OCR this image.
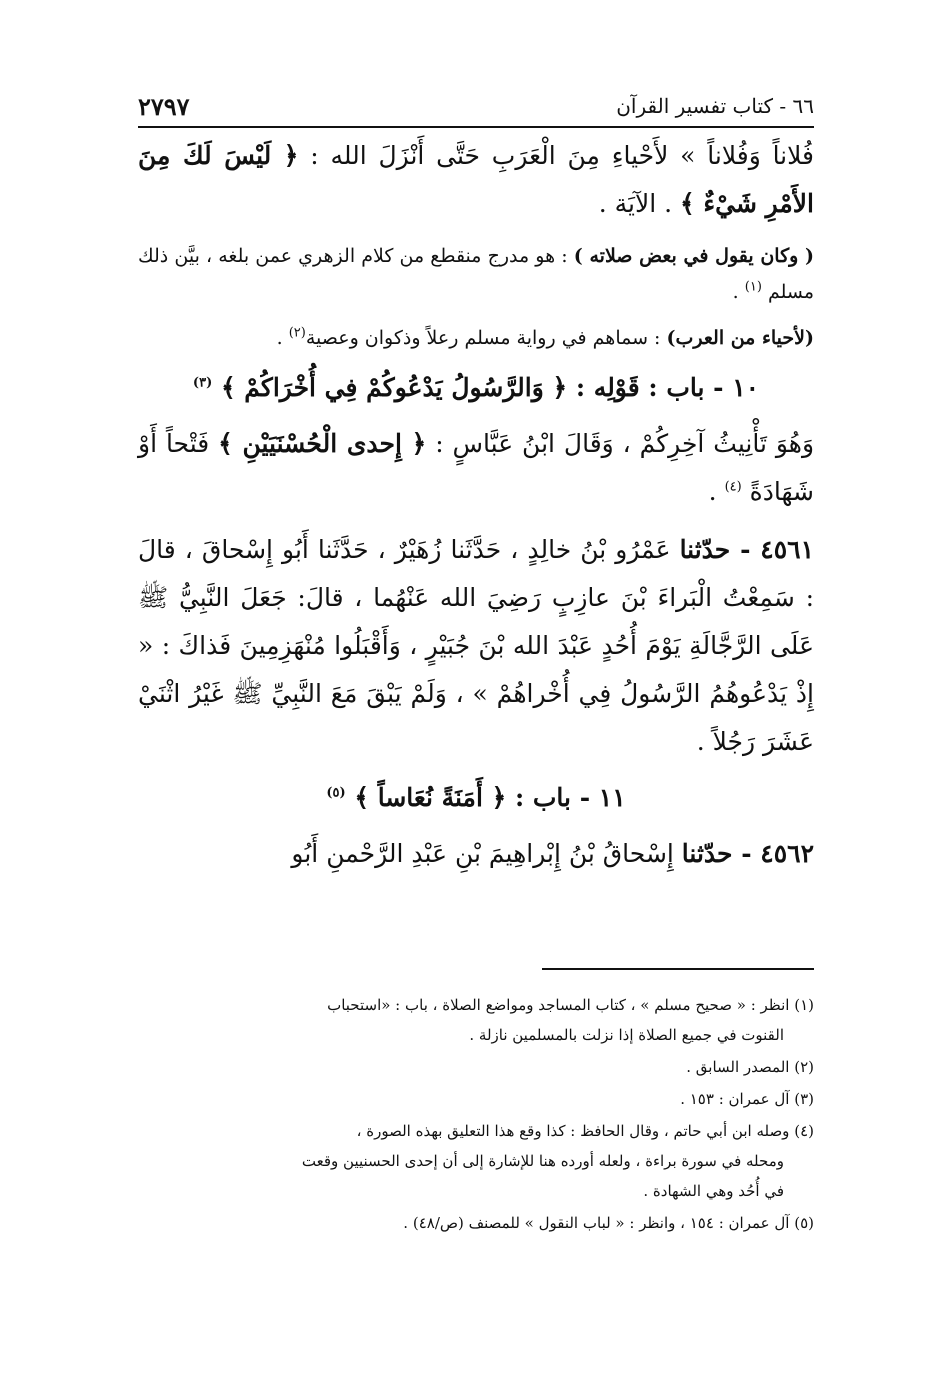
٦٦ - كتاب تفسير القرآن
٢٧٩٧

فُلاناً وَفُلاناً » لأَحْياءِ مِنَ الْعَرَبِ حَتَّى أَنْزَلَ الله : ﴿ لَيْسَ لَكَ مِنَ الأَمْرِ شَيْءٌ ﴾ . الآيَة .

( وكان يقول في بعض صلاته ) : هو مدرج منقطع من كلام الزهري عمن بلغه ، بيَّن ذلك مسلم $^{(١)}$ .

(لأحياء من العرب) : سماهم في رواية مسلم رعلاً وذكوان وعصية$^{(٢)}$ .

١٠ - باب : قَوْلِه : ﴿ وَالرَّسُولُ يَدْعُوكُمْ فِي أُخْرَاكُمْ ﴾ $^{(٣)}$

وَهُوَ تَأْنِيثُ آخِرِكُمْ ، وَقَالَ ابْنُ عَبَّاسٍ : ﴿ إِحدى الْحُسْنَيَيْنِ ﴾ فَتْحاً أَوْ شَهَادَةً $^{(٤)}$ .

٤٥٦١ - حدّثنا عَمْرُو بْنُ خالِدٍ ، حَدَّثَنا زُهَيْرٌ ، حَدَّثَنا أَبُو إِسْحاقَ ، قالَ : سَمِعْتُ الْبَراءَ بْنَ عازِبٍ رَضِيَ الله عَنْهُما ، قالَ: جَعَلَ النَّبِيُّ ﷺ عَلَى الرَّجَّالَةِ يَوْمَ أُحُدٍ عَبْدَ الله بْنَ جُبَيْرٍ ، وَأَقْبَلُوا مُنْهَزِمِينَ فَذاكَ : « إِذْ يَدْعُوهُمُ الرَّسُولُ فِي أُخْراهُمْ » ، وَلَمْ يَبْقَ مَعَ النَّبِيِّ ﷺ غَيْرُ اثْنَيْ عَشَرَ رَجُلاً .

١١ - باب : ﴿ أَمَنَةً نُعَاساً ﴾ $^{(٥)}$

٤٥٦٢ - حدّثنا إِسْحاقُ بْنُ إِبْراهِيمَ بْنِ عَبْدِ الرَّحْمنِ أَبُو

(١) انظر : « صحيح مسلم » ، كتاب المساجد ومواضع الصلاة ، باب : «استحباب
القنوت في جميع الصلاة إذا نزلت بالمسلمين نازلة .

(٢) المصدر السابق .

(٣) آل عمران : ١٥٣ .

(٤) وصله ابن أبي حاتم ، وقال الحافظ : كذا وقع هذا التعليق بهذه الصورة ،
ومحله في سورة براءة ، ولعله أورده هنا للإشارة إلى أن إحدى الحسنيين وقعت
في أُحُد وهي الشهادة .

(٥) آل عمران : ١٥٤ ، وانظر : « لباب النقول » للمصنف (ص/٤٨) .
